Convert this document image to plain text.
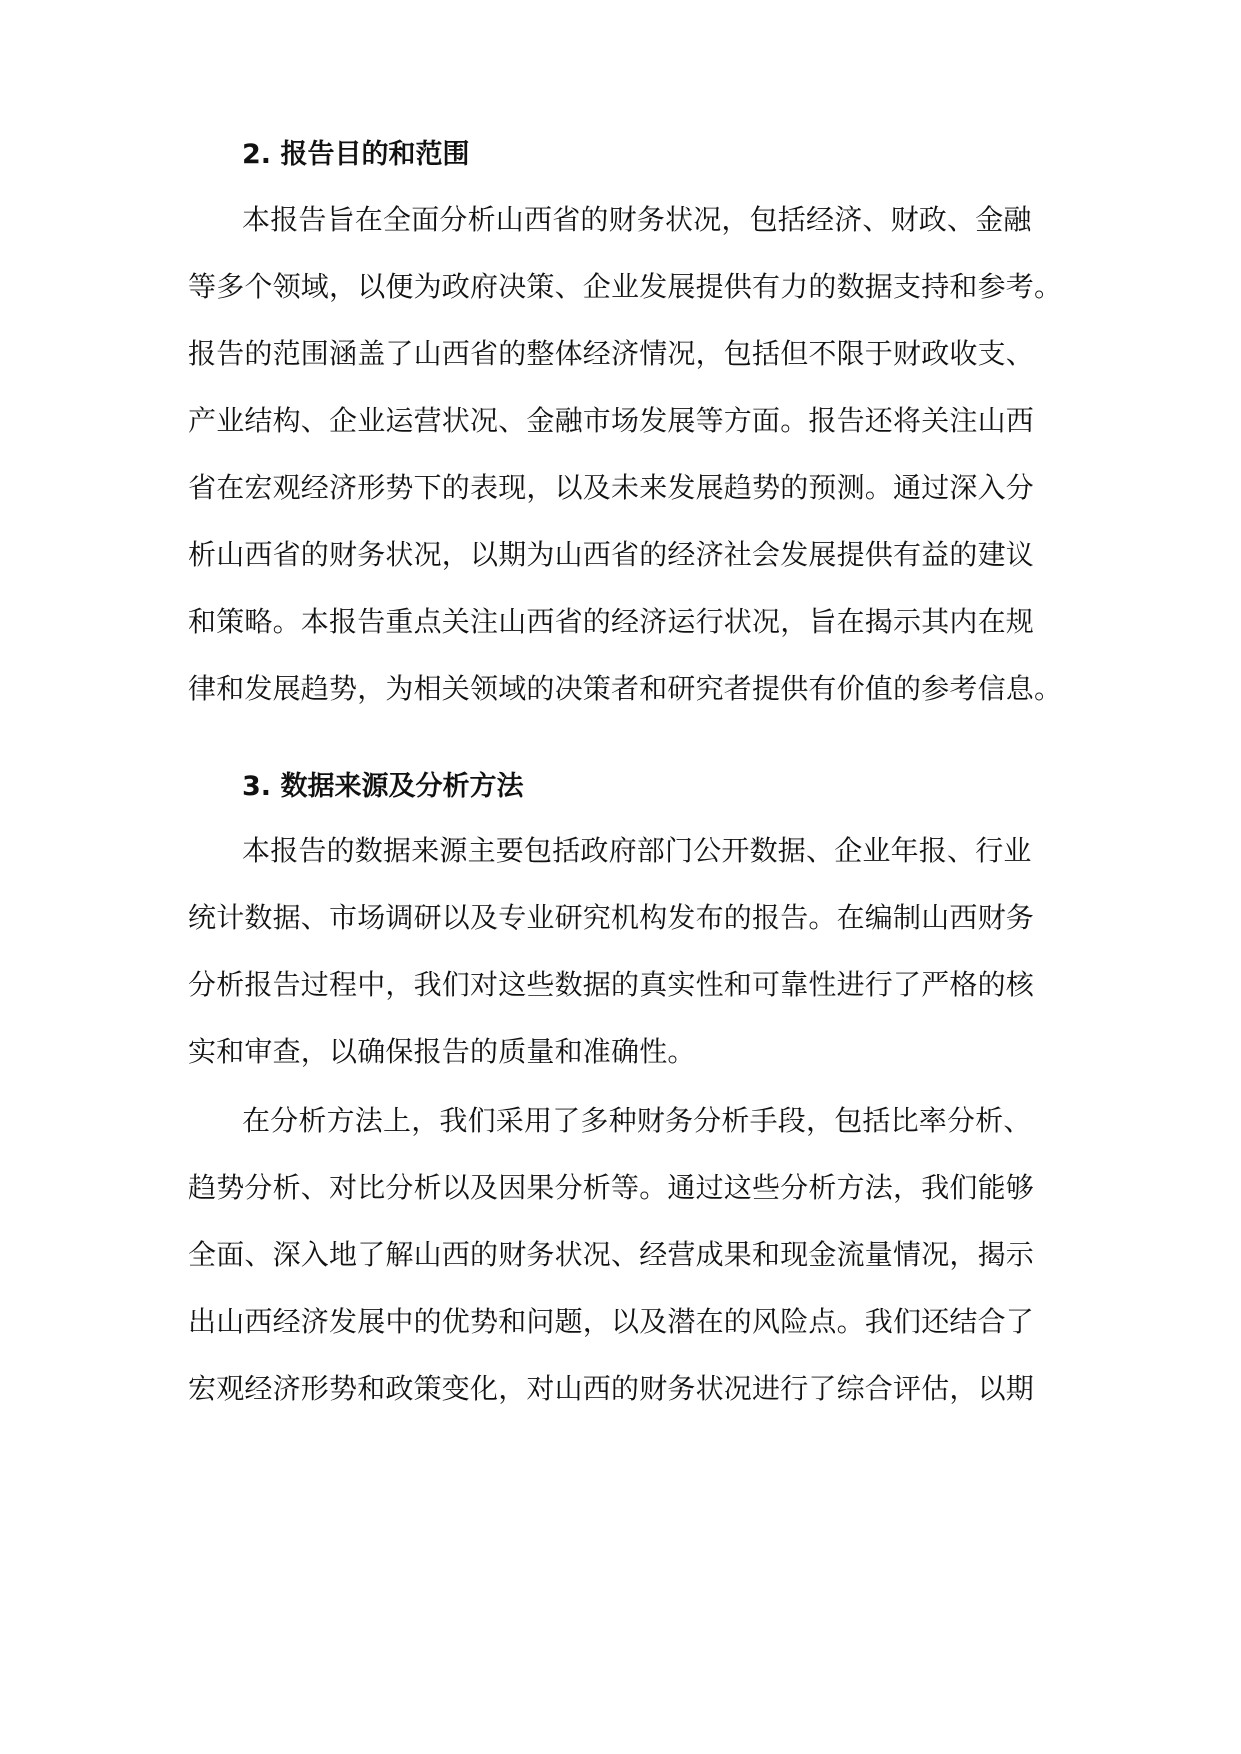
2. 报告目的和范围
本报告旨在全面分析山西省的财务状况，包括经济、财政、金融
等多个领域，以便为政府决策、企业发展提供有力的数据支持和参考。
报告的范围涵盖了山西省的整体经济情况，包括但不限于财政收支、
产业结构、企业运营状况、金融市场发展等方面。报告还将关注山西
省在宏观经济形势下的表现，以及未来发展趋势的预测。通过深入分
析山西省的财务状况，以期为山西省的经济社会发展提供有益的建议
和策略。本报告重点关注山西省的经济运行状况，旨在揭示其内在规
律和发展趋势，为相关领域的决策者和研究者提供有价值的参考信息。
3. 数据来源及分析方法
本报告的数据来源主要包括政府部门公开数据、企业年报、行业
统计数据、市场调研以及专业研究机构发布的报告。在编制山西财务
分析报告过程中，我们对这些数据的真实性和可靠性进行了严格的核
实和审查，以确保报告的质量和准确性。
在分析方法上，我们采用了多种财务分析手段，包括比率分析、
趋势分析、对比分析以及因果分析等。通过这些分析方法，我们能够
全面、深入地了解山西的财务状况、经营成果和现金流量情况，揭示
出山西经济发展中的优势和问题，以及潜在的风险点。我们还结合了
宏观经济形势和政策变化，对山西的财务状况进行了综合评估，以期
